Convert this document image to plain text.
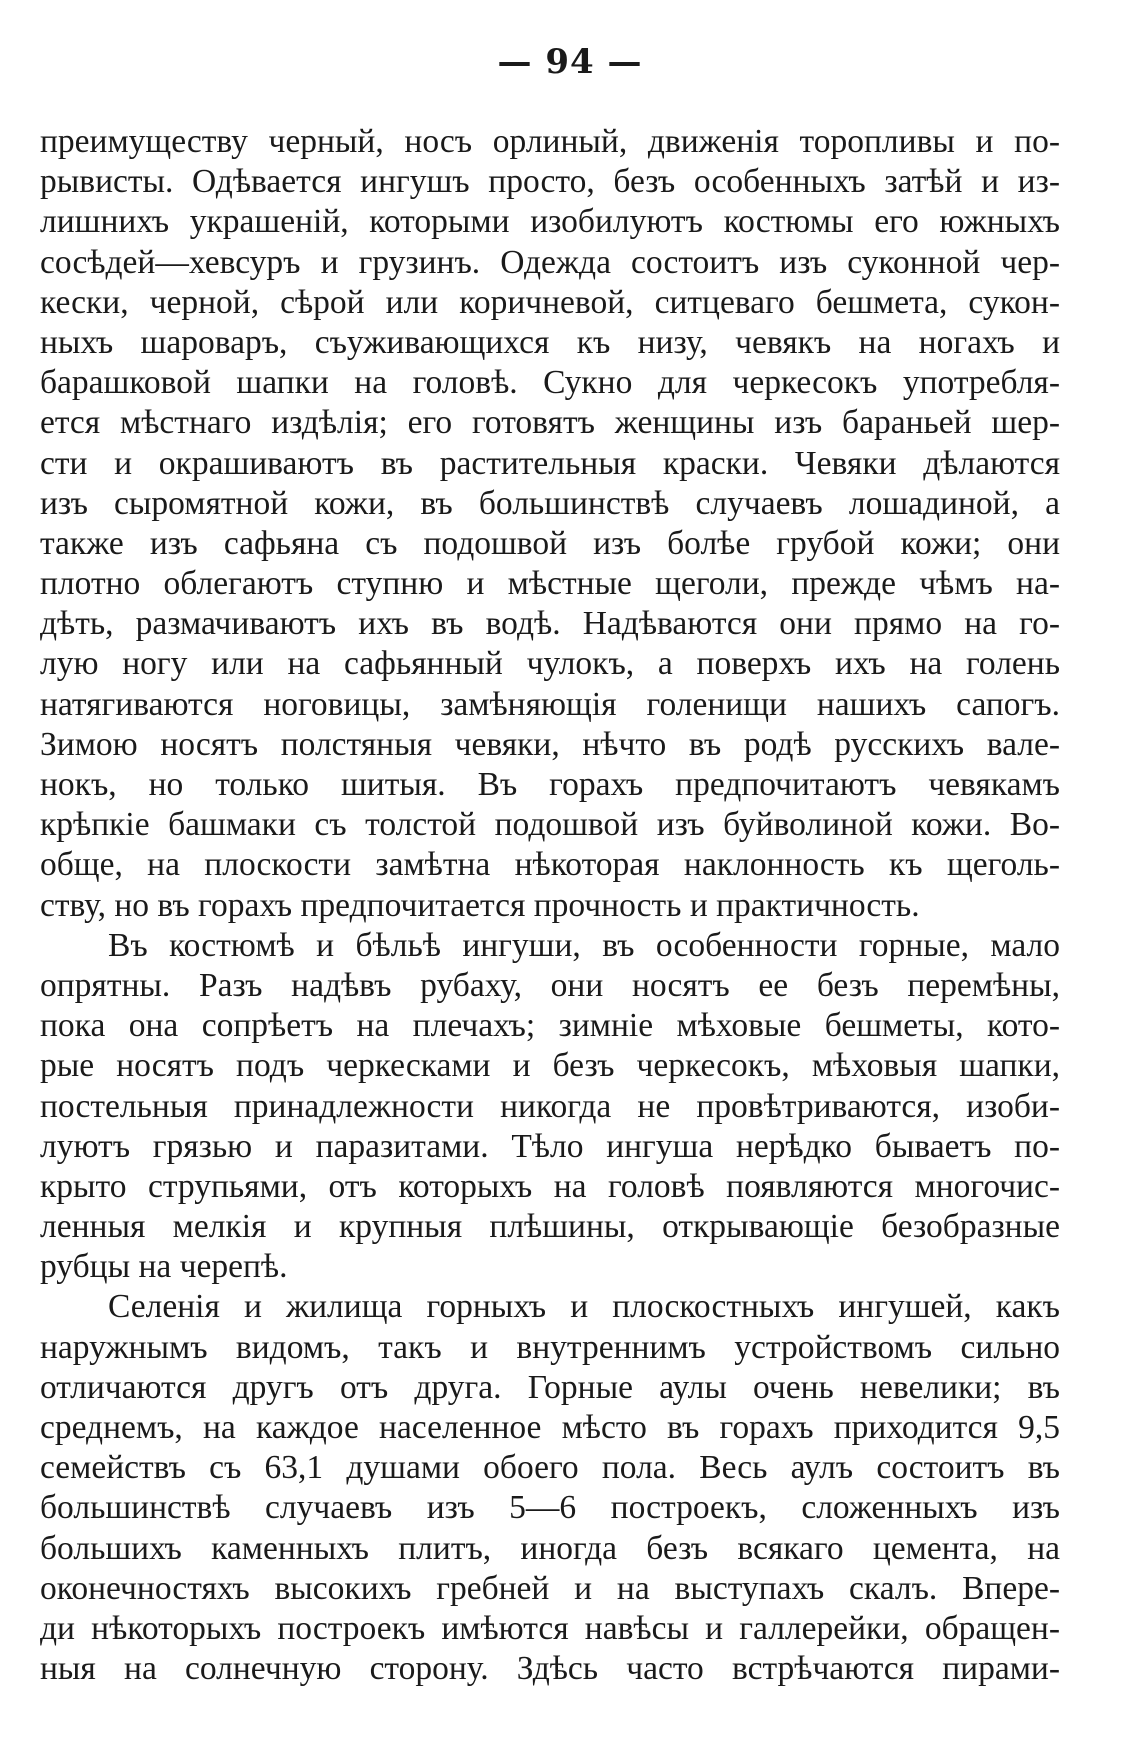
— 94 —
преимуществу черный, носъ орлиный, движенія торопливы и по-
рывисты. Одѣвается ингушъ просто, безъ особенныхъ затѣй и из-
лишнихъ украшеній, которыми изобилуютъ костюмы его южныхъ
сосѣдей—хевсуръ и грузинъ. Одежда состоитъ изъ суконной чер-
кески, черной, сѣрой или коричневой, ситцеваго бешмета, сукон-
ныхъ шароваръ, съуживающихся къ низу, чевякъ на ногахъ и
барашковой шапки на головѣ. Сукно для черкесокъ употребля-
ется мѣстнаго издѣлія; его готовятъ женщины изъ бараньей шер-
сти и окрашиваютъ въ растительныя краски. Чевяки дѣлаются
изъ сыромятной кожи, въ большинствѣ случаевъ лошадиной, а
также изъ сафьяна съ подошвой изъ болѣе грубой кожи; они
плотно облегаютъ ступню и мѣстные щеголи, прежде чѣмъ на-
дѣть, размачиваютъ ихъ въ водѣ. Надѣваются они прямо на го-
лую ногу или на сафьянный чулокъ, а поверхъ ихъ на голень
натягиваются ноговицы, замѣняющія голенищи нашихъ сапогъ.
Зимою носятъ полстяныя чевяки, нѣчто въ родѣ русскихъ вале-
нокъ, но только шитыя. Въ горахъ предпочитаютъ чевякамъ
крѣпкіе башмаки съ толстой подошвой изъ буйволиной кожи. Во-
обще, на плоскости замѣтна нѣкоторая наклонность къ щеголь-
ству, но въ горахъ предпочитается прочность и практичность.
Въ костюмѣ и бѣльѣ ингуши, въ особенности горные, мало
опрятны. Разъ надѣвъ рубаху, они носятъ ее безъ перемѣны,
пока она сопрѣетъ на плечахъ; зимніе мѣховые бешметы, кото-
рые носятъ подъ черкесками и безъ черкесокъ, мѣховыя шапки,
постельныя принадлежности никогда не провѣтриваются, изоби-
луютъ грязью и паразитами. Тѣло ингуша нерѣдко бываетъ по-
крыто струпьями, отъ которыхъ на головѣ появляются многочис-
ленныя мелкія и крупныя плѣшины, открывающіе безобразные
рубцы на черепѣ.
Селенія и жилища горныхъ и плоскостныхъ ингушей, какъ
наружнымъ видомъ, такъ и внутреннимъ устройствомъ сильно
отличаются другъ отъ друга. Горные аулы очень невелики; въ
среднемъ, на каждое населенное мѣсто въ горахъ приходится 9,5
семействъ съ 63,1 душами обоего пола. Весь аулъ состоитъ въ
большинствѣ случаевъ изъ 5—6 построекъ, сложенныхъ изъ
большихъ каменныхъ плитъ, иногда безъ всякаго цемента, на
оконечностяхъ высокихъ гребней и на выступахъ скалъ. Впере-
ди нѣкоторыхъ построекъ имѣются навѣсы и галлерейки, обращен-
ныя на солнечную сторону. Здѣсь часто встрѣчаются пирами-
